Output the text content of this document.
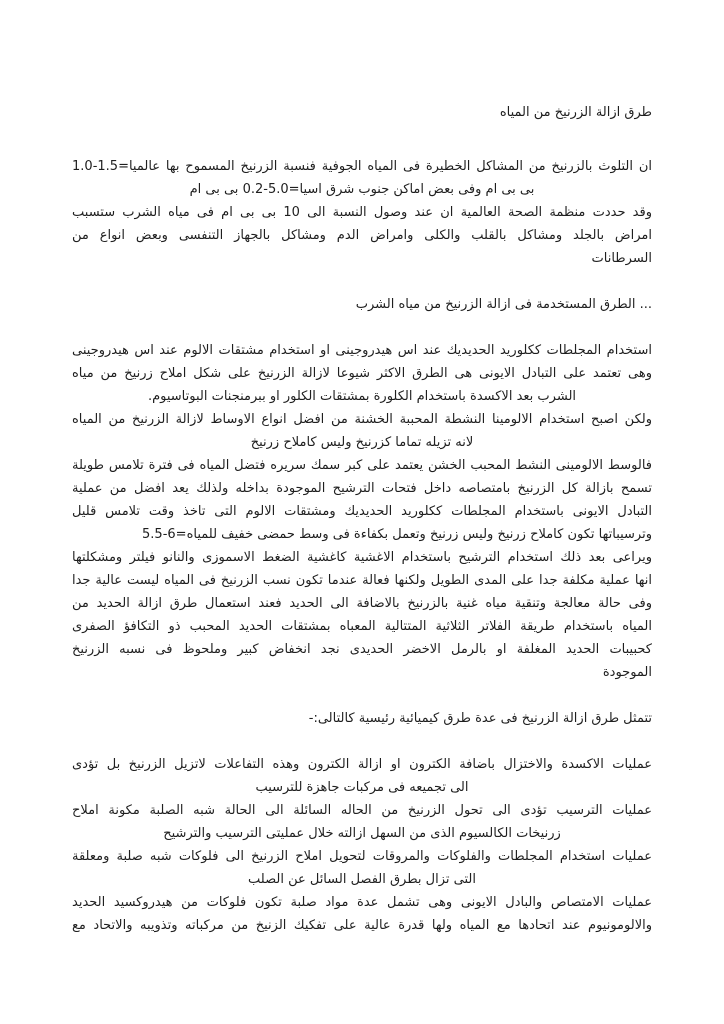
طرق ازالة الزرنيخ من المياه
ان التلوث بالزرنيخ من المشاكل الخطيرة فى المياه الجوفية فنسبة الزرنيخ المسموح بها عالميا=1.5-1.0
بى بى ام وفى بعض اماكن جنوب شرق اسيا=5.0-0.2 بى بى ام
وقد حددت منظمة الصحة العالمية ان عند وصول النسبة الى 10 بى بى ام فى مياه الشرب ستسبب
امراض بالجلد ومشاكل بالقلب والكلى وامراض الدم ومشاكل بالجهاز التنفسى وبعض انواع من
السرطانات
... الطرق المستخدمة فى ازالة الزرنيخ من مياه الشرب
استخدام المجلطات ككلوريد الحديديك عند اس هيدروجينى او استخدام مشتقات الالوم عند اس هيدروجينى
وهى تعتمد على التبادل الايونى هى الطرق الاكثر شيوعا لازالة الزرنيخ على شكل املاح زرنيخ من مياه
الشرب بعد الاكسدة باستخدام الكلورة بمشتقات الكلور او ببرمنجنات البوتاسيوم.
ولكن اصبح استخدام الالومينا النشطة المحببة الخشنة من افضل انواع الاوساط لازالة الزرنيخ من المياه
لانه تزيله تماما كزرنيخ وليس كاملاح زرنيخ
فالوسط الالومينى النشط المحبب الخشن يعتمد على كبر سمك سريره فتضل المياه فى فترة تلامس طويلة
تسمح بازالة كل الزرنيخ بامتصاصه داخل فتحات الترشيح الموجودة بداخله ولذلك يعد افضل من عملية
التبادل الايونى باستخدام المجلطات ككلوريد الحديديك ومشتقات الالوم التى تاخذ وقت تلامس قليل
وترسيباتها تكون كاملاح زرنيخ وليس زرنيخ وتعمل بكفاءة فى وسط حمضى خفيف للمياه=6-5.5
ويراعى بعد ذلك استخدام الترشيح باستخدام الاغشية كاغشية الضغط الاسموزى والنانو فيلتر ومشكلتها
انها عملية مكلفة جدا على المدى الطويل ولكنها فعالة عندما تكون نسب الزرنيخ فى المياه ليست عالية جدا
وفى حالة معالجة وتنقية مياه غنية بالزرنيخ بالاضافة الى الحديد فعند استعمال طرق ازالة الحديد من
المياه باستخدام طريقة الفلاتر الثلاثية المتتالية المعباه بمشتقات الحديد المحبب ذو التكافؤ الصفرى
كحبيبات الحديد المغلفة او بالرمل الاخضر الحديدى نجد انخفاض كبير وملحوظ فى نسبه الزرنيخ
الموجودة
تتمثل طرق ازالة الزرنيخ فى عدة طرق كيميائية رئيسية كالتالى:-
عمليات الاكسدة والاختزال باضافة الكترون او ازالة الكترون وهذه التفاعلات لاتزيل الزرنيخ بل تؤدى
الى تجميعه فى مركبات جاهزة للترسيب
عمليات الترسيب تؤدى الى تحول الزرنيخ من الحاله السائلة الى الحالة شبه الصلبة مكونة املاح
زرنيخات الكالسيوم الذى من السهل ازالته خلال عمليتى الترسيب والترشيح
عمليات استخدام المجلطات والفلوكات والمروقات لتحويل املاح الزرنيخ الى فلوكات شبه صلبة ومعلقة
التى تزال بطرق الفصل السائل عن الصلب
عمليات الامتصاص والبادل الايونى وهى تشمل عدة مواد صلبة تكون فلوكات من هيدروكسيد الحديد
والالومونيوم عند اتحادها مع المياه ولها قدرة عالية على تفكيك الزنيخ من مركباته وتذويبه والاتحاد مع
